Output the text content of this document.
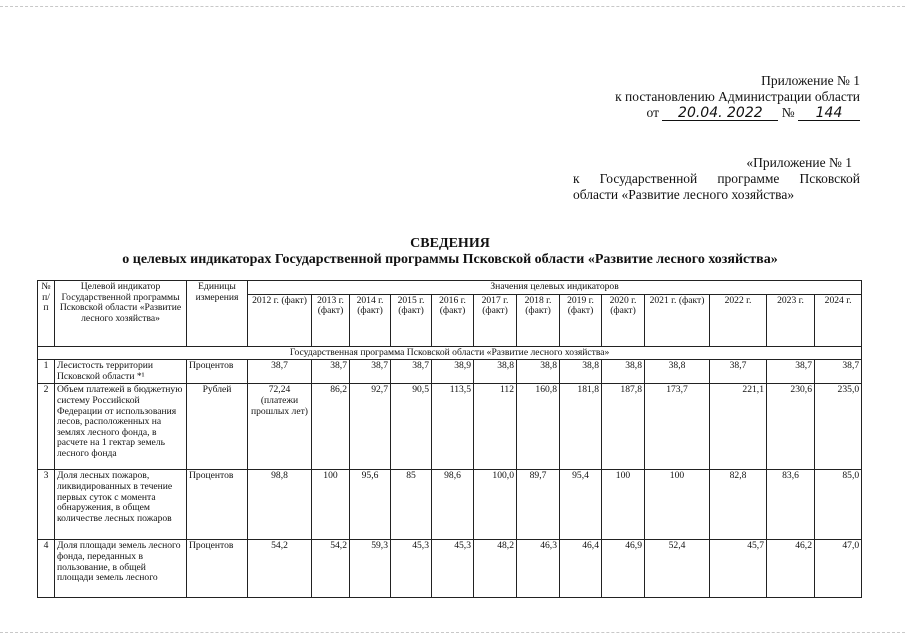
Приложение № 1
к постановлению Администрации области
от 20.04. 2022 № 144
«Приложение № 1
к Государственной программе Псковской
области «Развитие лесного хозяйства»
СВЕДЕНИЯ
о целевых индикаторах Государственной программы Псковской области «Развитие лесного хозяйства»
№ п/п	Целевой индикатор Государственной программы Псковской области «Развитие лесного хозяйства»	Единицы измерения	Значения целевых индикаторов												
			2012 г. (факт)	2013 г. (факт)	2014 г. (факт)	2015 г. (факт)	2016 г. (факт)	2017 г. (факт)	2018 г. (факт)	2019 г. (факт)	2020 г. (факт)	2021 г. (факт)	2022 г.	2023 г.	2024 г.
Государственная программа Псковской области «Развитие лесного хозяйства»															
1	Лесистость территории Псковской области *¹	Процентов	38,7	38,7	38,7	38,7	38,9	38,8	38,8	38,8	38,8	38,8	38,7	38,7	38,7
2	Объем платежей в бюджетную систему Российской Федерации от использования лесов, расположенных на землях лесного фонда, в расчете на 1 гектар земель лесного фонда	Рублей	72,24 (платежи прошлых лет)	86,2	92,7	90,5	113,5	112	160,8	181,8	187,8	173,7	221,1	230,6	235,0
3	Доля лесных пожаров, ликвидированных в течение первых суток с момента обнаружения, в общем количестве лесных пожаров	Процентов	98,8	100	95,6	85	98,6	100,0	89,7	95,4	100	100	82,8	83,6	85,0
4	Доля площади земель лесного фонда, переданных в пользование, в общей площади земель лесного	Процентов	54,2	54,2	59,3	45,3	45,3	48,2	46,3	46,4	46,9	52,4	45,7	46,2	47,0
